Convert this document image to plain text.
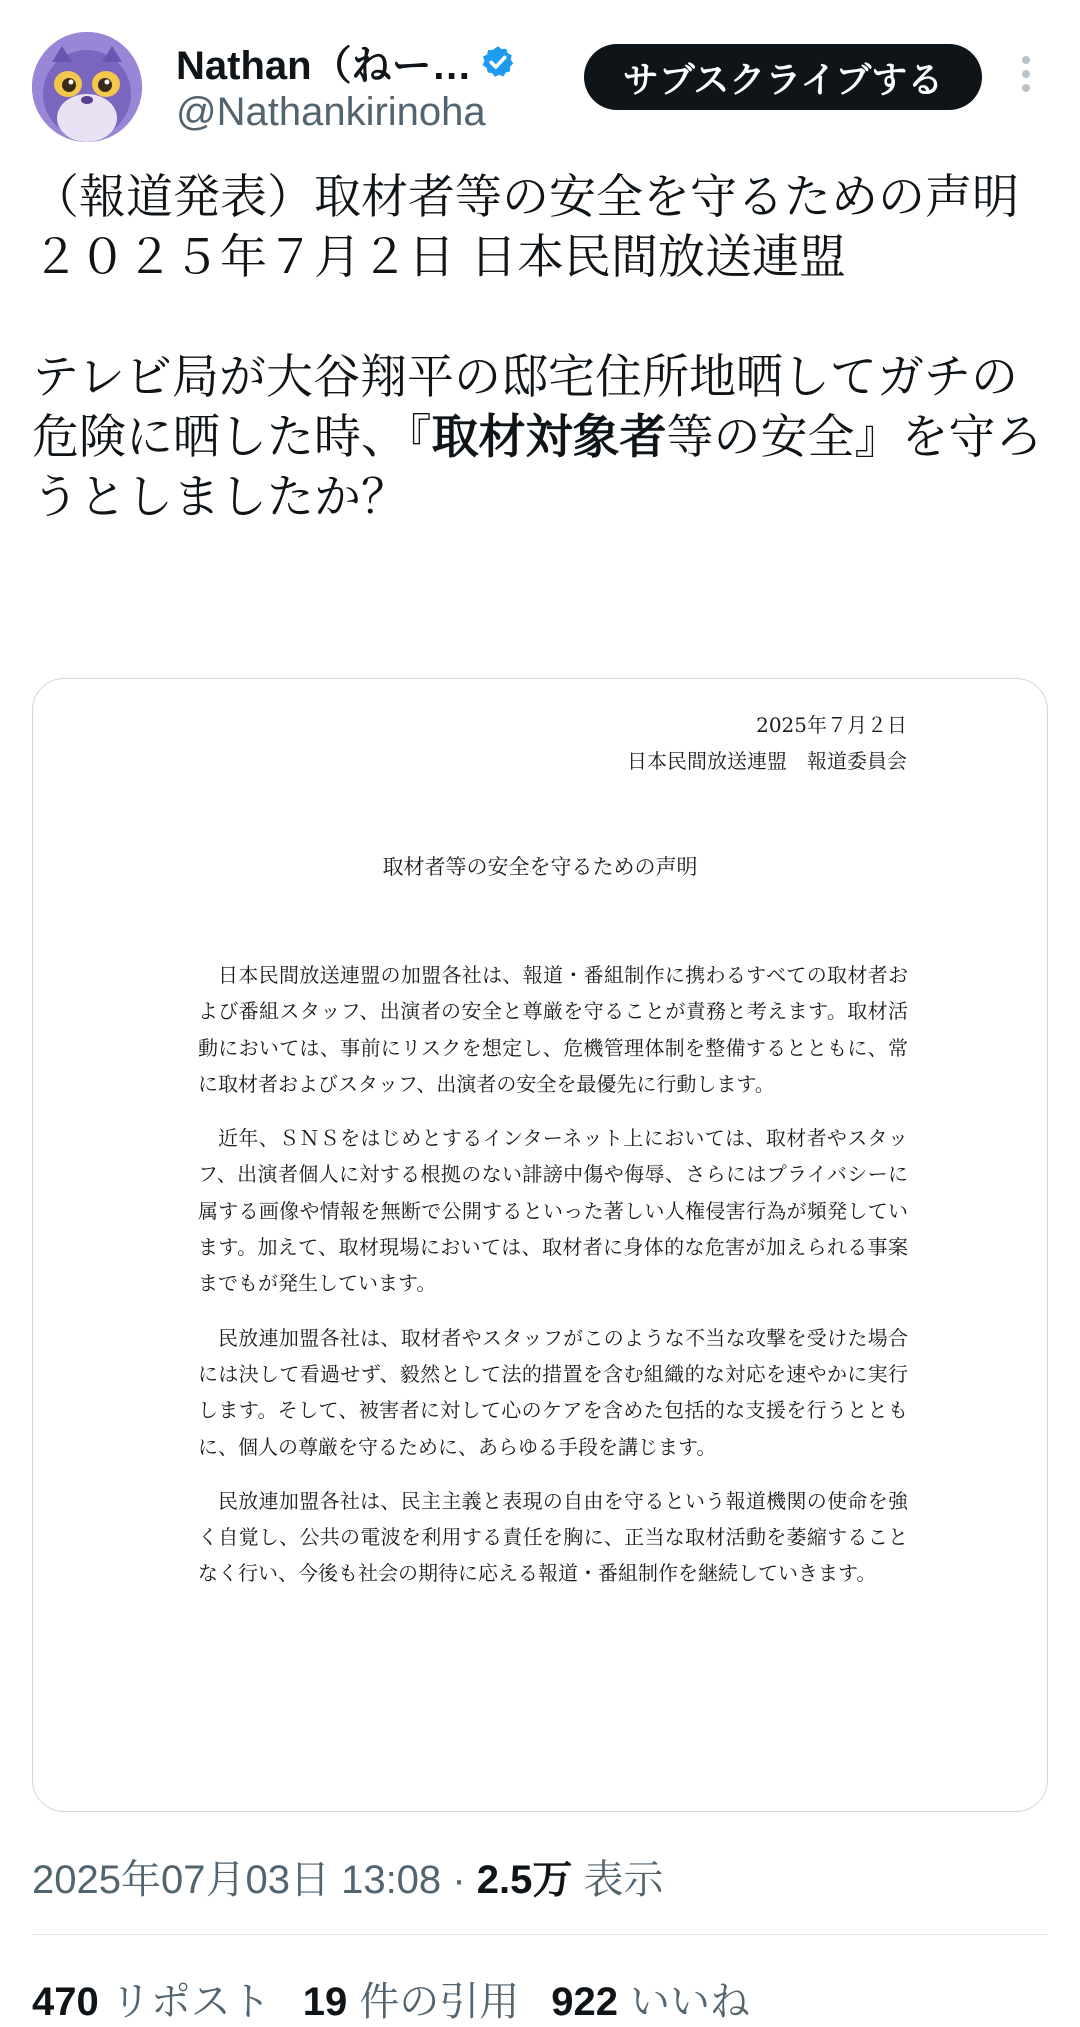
Nathan（ねー…
@Nathankirinoha
サブスクライブする

（報道発表）取材者等の安全を守るための声明

２０２５年７月２日 日本民間放送連盟

テレビ局が大谷翔平の邸宅住所地晒してガチの危険に晒した時、『取材対象者等の安全』を守ろうとしましたか？

2025年７月２日
日本民間放送連盟　報道委員会
取材者等の安全を守るための声明

日本民間放送連盟の加盟各社は、報道・番組制作に携わるすべての取材者および番組スタッフ、出演者の安全と尊厳を守ることが責務と考えます。取材活動においては、事前にリスクを想定し、危機管理体制を整備するとともに、常に取材者およびスタッフ、出演者の安全を最優先に行動します。

近年、ＳＮＳをはじめとするインターネット上においては、取材者やスタッフ、出演者個人に対する根拠のない誹謗中傷や侮辱、さらにはプライバシーに属する画像や情報を無断で公開するといった著しい人権侵害行為が頻発しています。加えて、取材現場においては、取材者に身体的な危害が加えられる事案までもが発生しています。

民放連加盟各社は、取材者やスタッフがこのような不当な攻撃を受けた場合には決して看過せず、毅然として法的措置を含む組織的な対応を速やかに実行します。そして、被害者に対して心のケアを含めた包括的な支援を行うとともに、個人の尊厳を守るために、あらゆる手段を講じます。

民放連加盟各社は、民主主義と表現の自由を守るという報道機関の使命を強く自覚し、公共の電波を利用する責任を胸に、正当な取材活動を萎縮することなく行い、今後も社会の期待に応える報道・番組制作を継続していきます。

2025年07月03日 13:08 · 2.5万 表示
470 リポスト 19 件の引用 922 いいね
